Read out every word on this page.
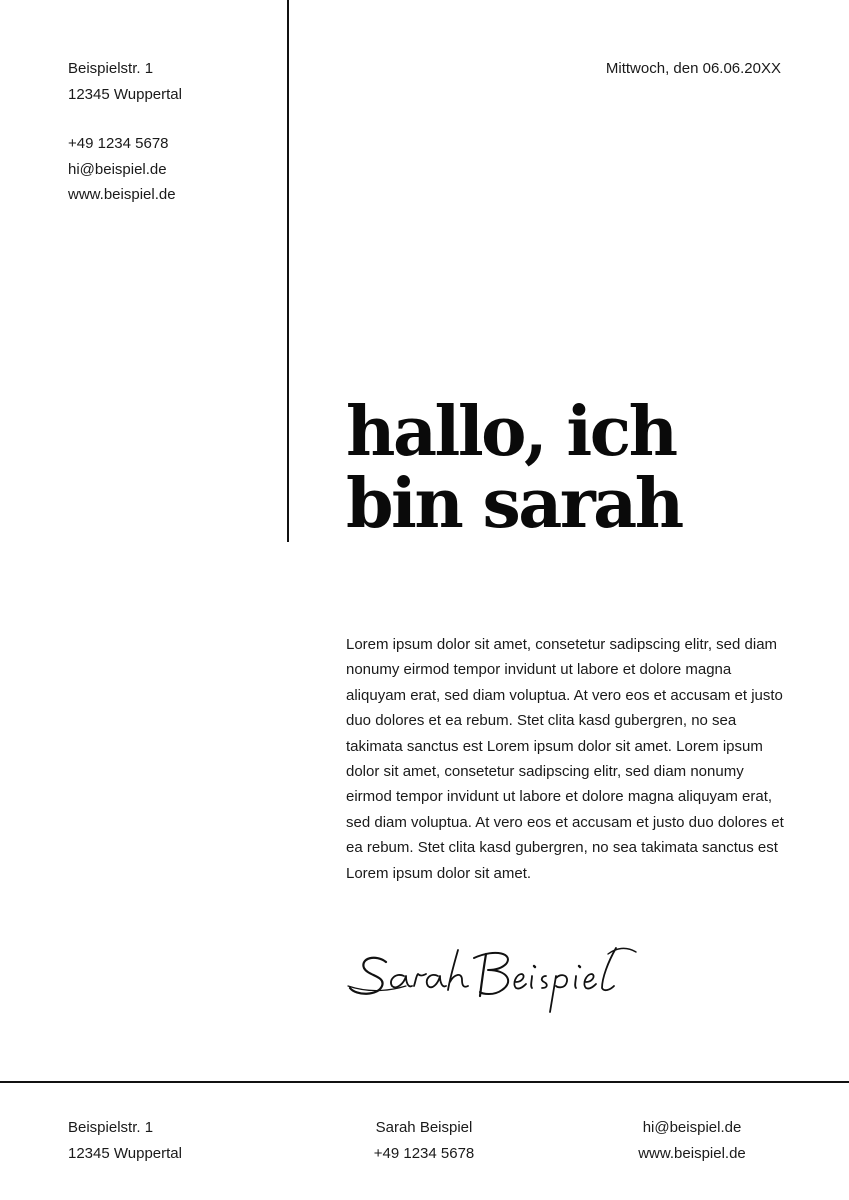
Beispielstr. 1
12345 Wuppertal
+49 1234 5678
hi@beispiel.de
www.beispiel.de
Mittwoch, den 06.06.20XX
hallo, ich
bin sarah

Lorem ipsum dolor sit amet, consetetur sadipscing elitr, sed diam nonumy eirmod tempor invidunt ut labore et dolore magna aliquyam erat, sed diam voluptua. At vero eos et accusam et justo duo dolores et ea rebum. Stet clita kasd gubergren, no sea takimata sanctus est Lorem ipsum dolor sit amet. Lorem ipsum dolor sit amet, consetetur sadipscing elitr, sed diam nonumy eirmod tempor invidunt ut labore et dolore magna aliquyam erat, sed diam voluptua. At vero eos et accusam et justo duo dolores et ea rebum. Stet clita kasd gubergren, no sea takimata sanctus est Lorem ipsum dolor sit amet.

Beispielstr. 1
12345 Wuppertal
Sarah Beispiel
+49 1234 5678
hi@beispiel.de
www.beispiel.de
